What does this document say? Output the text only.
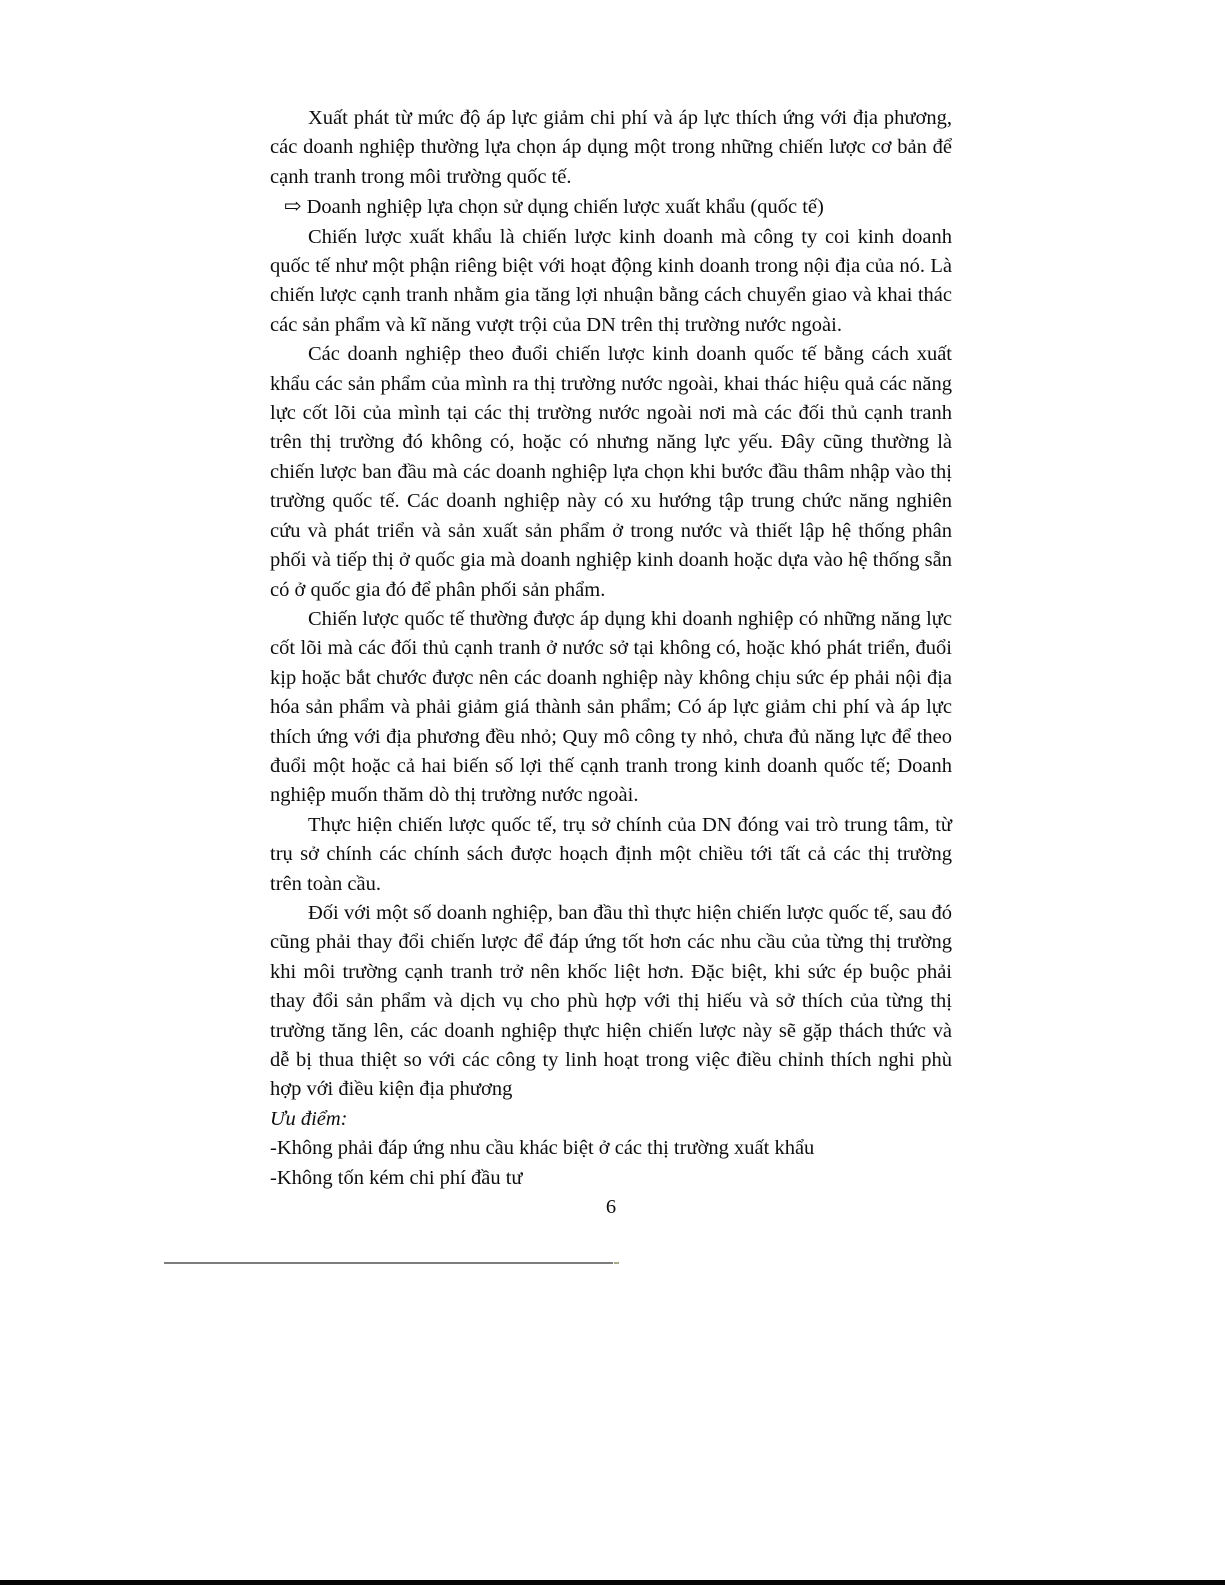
Xuất phát từ mức độ áp lực giảm chi phí và áp lực thích ứng với địa phương, các doanh nghiệp thường lựa chọn áp dụng một trong những chiến lược cơ bản để cạnh tranh trong môi trường quốc tế.

⇨ Doanh nghiệp lựa chọn sử dụng chiến lược xuất khẩu (quốc tế)

Chiến lược xuất khẩu là chiến lược kinh doanh mà công ty coi kinh doanh quốc tế như một phận riêng biệt với hoạt động kinh doanh trong nội địa của nó. Là chiến lược cạnh tranh nhằm gia tăng lợi nhuận bằng cách chuyển giao và khai thác các sản phẩm và kĩ năng vượt trội của DN trên thị trường nước ngoài.

Các doanh nghiệp theo đuổi chiến lược kinh doanh quốc tế bằng cách xuất khẩu các sản phẩm của mình ra thị trường nước ngoài, khai thác hiệu quả các năng lực cốt lõi của mình tại các thị trường nước ngoài nơi mà các đối thủ cạnh tranh trên thị trường đó không có, hoặc có nhưng năng lực yếu. Đây cũng thường là chiến lược ban đầu mà các doanh nghiệp lựa chọn khi bước đầu thâm nhập vào thị trường quốc tế. Các doanh nghiệp này có xu hướng tập trung chức năng nghiên cứu và phát triển và sản xuất sản phẩm ở trong nước và thiết lập hệ thống phân phối và tiếp thị ở quốc gia mà doanh nghiệp kinh doanh hoặc dựa vào hệ thống sẵn có ở quốc gia đó để phân phối sản phẩm.

Chiến lược quốc tế thường được áp dụng khi doanh nghiệp có những năng lực cốt lõi mà các đối thủ cạnh tranh ở nước sở tại không có, hoặc khó phát triển, đuổi kịp hoặc bắt chước được nên các doanh nghiệp này không chịu sức ép phải nội địa hóa sản phẩm và phải giảm giá thành sản phẩm; Có áp lực giảm chi phí và áp lực thích ứng với địa phương đều nhỏ; Quy mô công ty nhỏ, chưa đủ năng lực để theo đuổi một hoặc cả hai biến số lợi thế cạnh tranh trong kinh doanh quốc tế; Doanh nghiệp muốn thăm dò thị trường nước ngoài.

Thực hiện chiến lược quốc tế, trụ sở chính của DN đóng vai trò trung tâm, từ trụ sở chính các chính sách được hoạch định một chiều tới tất cả các thị trường trên toàn cầu.

Đối với một số doanh nghiệp, ban đầu thì thực hiện chiến lược quốc tế, sau đó cũng phải thay đổi chiến lược để đáp ứng tốt hơn các nhu cầu của từng thị trường khi môi trường cạnh tranh trở nên khốc liệt hơn. Đặc biệt, khi sức ép buộc phải thay đổi sản phẩm và dịch vụ cho phù hợp với thị hiếu và sở thích của từng thị trường tăng lên, các doanh nghiệp thực hiện chiến lược này sẽ gặp thách thức và dễ bị thua thiệt so với các công ty linh hoạt trong việc điều chỉnh thích nghi phù hợp với điều kiện địa phương

Ưu điểm:

-Không phải đáp ứng nhu cầu khác biệt ở các thị trường xuất khẩu

-Không tốn kém chi phí đầu tư

6
